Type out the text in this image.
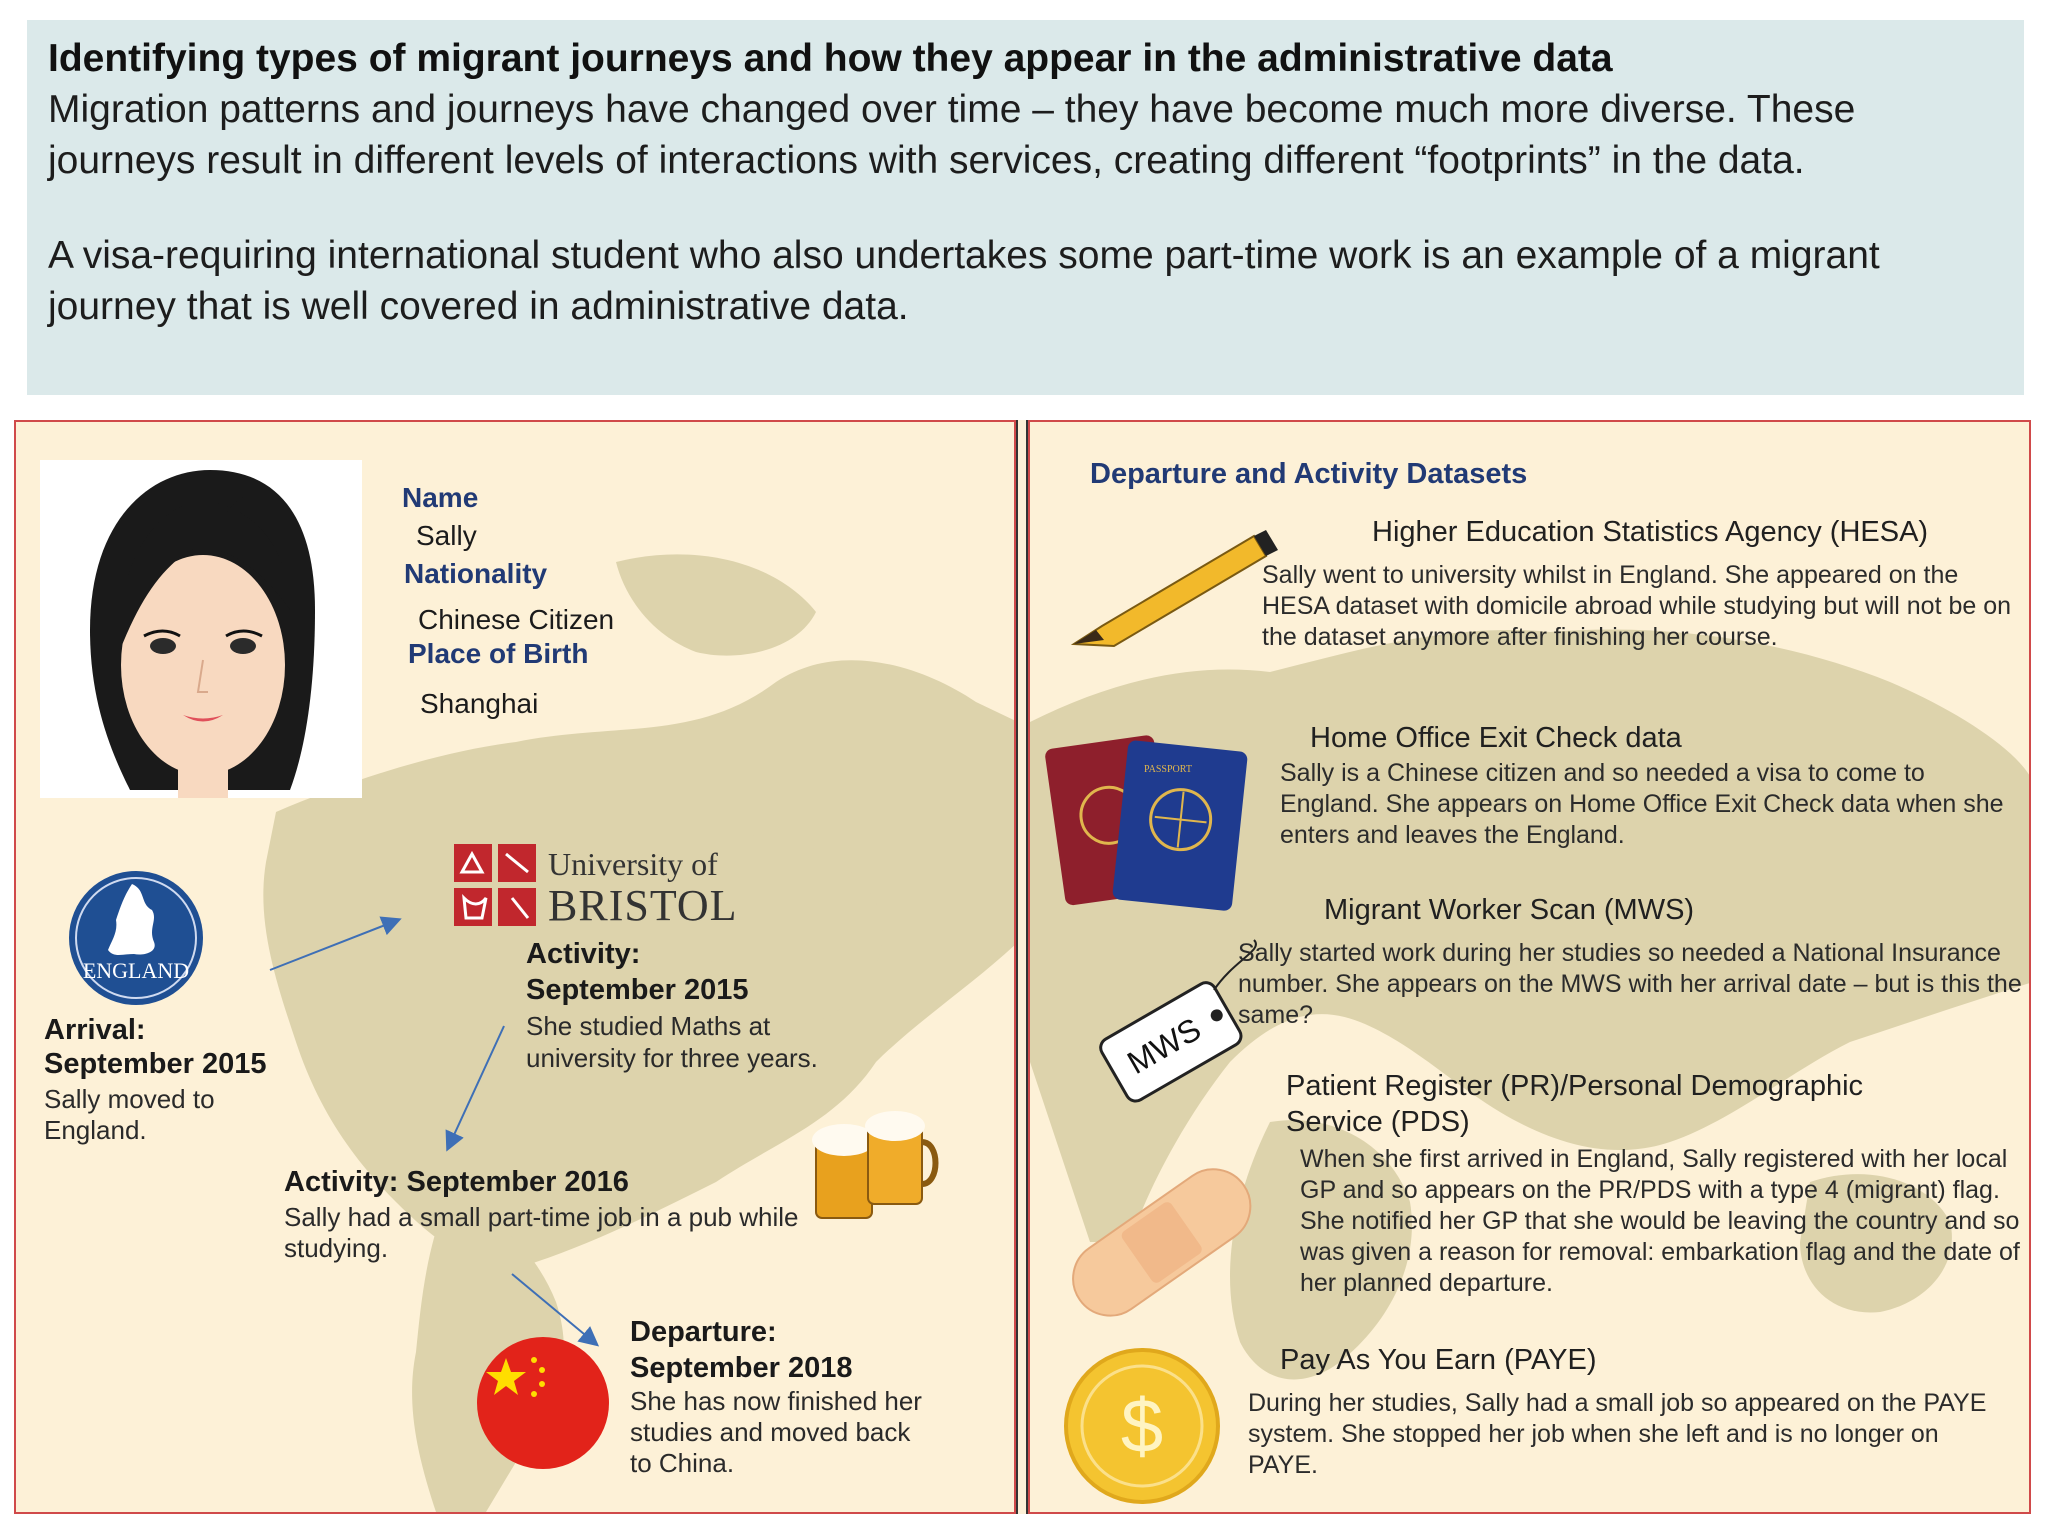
Identifying types of migrant journeys and how they appear in the administrative data
Migration patterns and journeys have changed over time – they have become much more diverse. These journeys result in different levels of interactions with services, creating different “footprints” in the data.
A visa-requiring international student who also undertakes some part-time work is an example of a migrant journey that is well covered in administrative data.
Name
Sally
Nationality
Chinese Citizen
Place of Birth
Shanghai
ENGLAND
University of
BRISTOL
Arrival:
September 2015
Sally moved to England.
Activity:
September 2015
She studied Maths at university for three years.
Activity: September 2016
Sally had a small part-time job in a pub while studying.
Departure:
September 2018
She has now finished her studies and moved back to China.
Departure and Activity Datasets
Higher Education Statistics Agency (HESA)
Sally went to university whilst in England. She appeared on the HESA dataset with domicile abroad while studying but will not be on the dataset anymore after finishing her course.
PASSPORT
Home Office Exit Check data
Sally is a Chinese citizen and so needed a visa to come to England. She appears on Home Office Exit Check data when she enters and leaves the England.
MWS
Migrant Worker Scan (MWS)
Sally started work during her studies so needed a National Insurance number. She appears on the MWS with her arrival date – but is this the same?
Patient Register (PR)/Personal Demographic Service (PDS)
When she first arrived in England, Sally registered with her local GP and so appears on the PR/PDS with a type 4 (migrant) flag. She notified her GP that she would be leaving the country and so was given a reason for removal: embarkation flag and the date of her planned departure.
$
Pay As You Earn (PAYE)
During her studies, Sally had a small job so appeared on the PAYE system. She stopped her job when she left and is no longer on PAYE.
